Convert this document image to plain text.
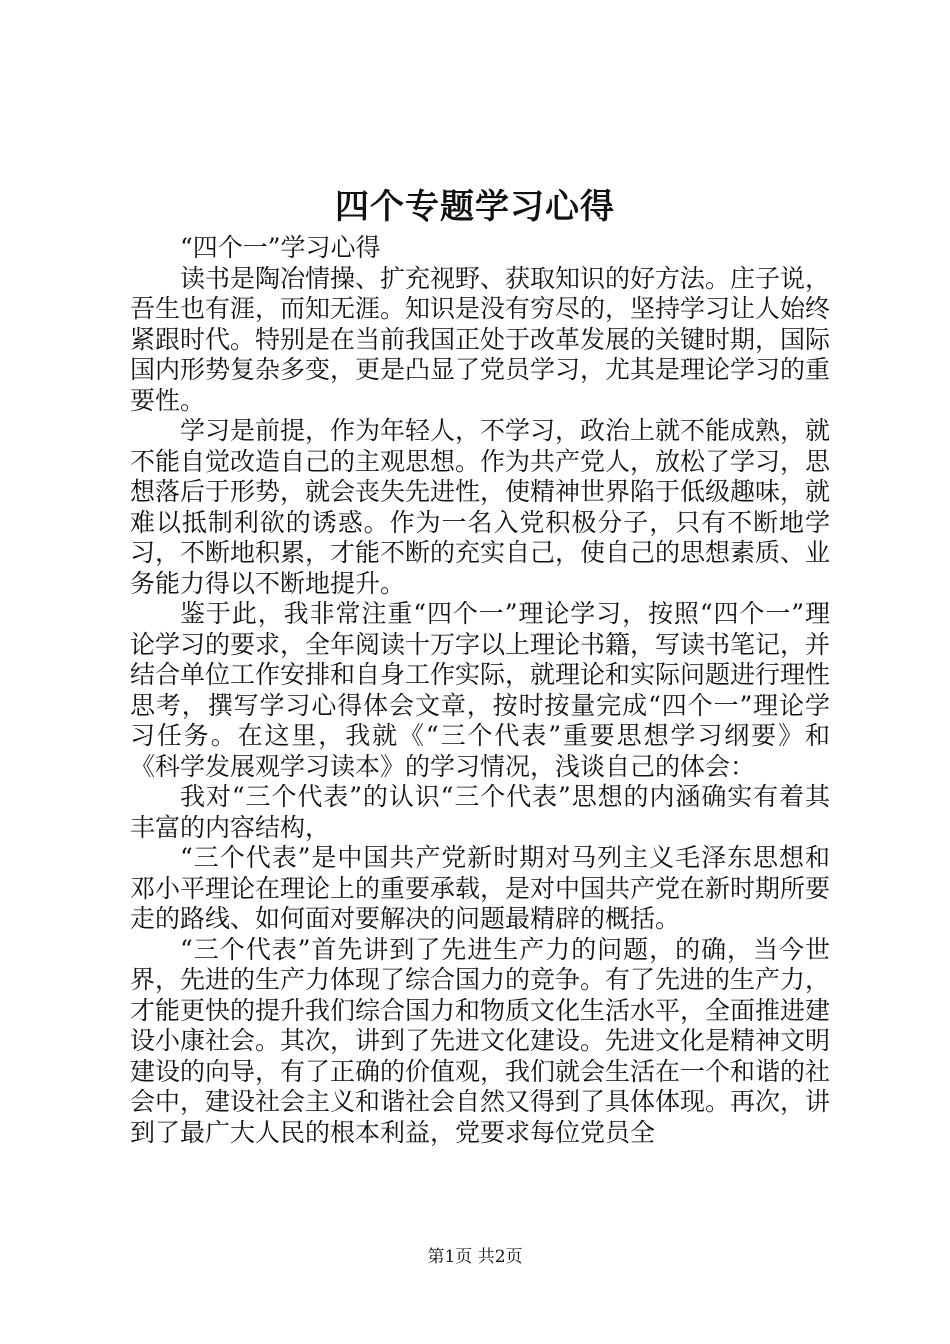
四个专题学习心得

“四个一”学习心得

读书是陶冶情操、扩充视野、获取知识的好方法。庄子说，吾生也有涯，而知无涯。知识是没有穷尽的，坚持学习让人始终紧跟时代。特别是在当前我国正处于改革发展的关键时期，国际国内形势复杂多变，更是凸显了党员学习，尤其是理论学习的重要性。

学习是前提，作为年轻人，不学习，政治上就不能成熟，就不能自觉改造自己的主观思想。作为共产党人，放松了学习，思想落后于形势，就会丧失先进性，使精神世界陷于低级趣味，就难以抵制利欲的诱惑。作为一名入党积极分子，只有不断地学习，不断地积累，才能不断的充实自己，使自己的思想素质、业务能力得以不断地提升。

鉴于此，我非常注重“四个一”理论学习，按照“四个一”理论学习的要求，全年阅读十万字以上理论书籍，写读书笔记，并结合单位工作安排和自身工作实际，就理论和实际问题进行理性思考，撰写学习心得体会文章，按时按量完成“四个一”理论学习任务。在这里，我就《“三个代表”重要思想学习纲要》和《科学发展观学习读本》的学习情况，浅谈自己的体会：

我对“三个代表”的认识“三个代表”思想的内涵确实有着其丰富的内容结构，

“三个代表”是中国共产党新时期对马列主义毛泽东思想和邓小平理论在理论上的重要承载，是对中国共产党在新时期所要走的路线、如何面对要解决的问题最精辟的概括。

“三个代表”首先讲到了先进生产力的问题，的确，当今世界，先进的生产力体现了综合国力的竞争。有了先进的生产力，才能更快的提升我们综合国力和物质文化生活水平，全面推进建设小康社会。其次，讲到了先进文化建设。先进文化是精神文明建设的向导，有了正确的价值观，我们就会生活在一个和谐的社会中，建设社会主义和谐社会自然又得到了具体体现。再次，讲到了最广大人民的根本利益，党要求每位党员全

第1页 共2页
